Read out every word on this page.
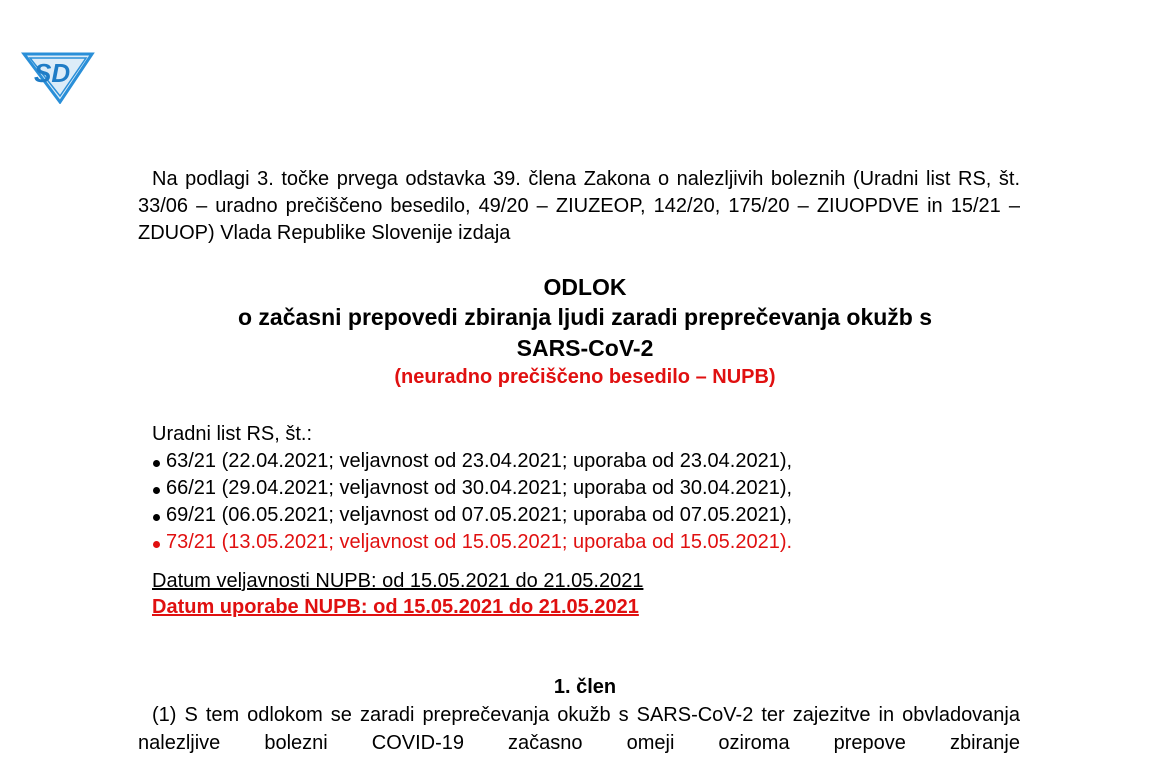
SD
Na podlagi 3. točke prvega odstavka 39. člena Zakona o nalezljivih boleznih (Uradni list RS, št. 33/06 – uradno prečiščeno besedilo, 49/20 – ZIUZEOP, 142/20, 175/20 – ZIUOPDVE in 15/21 – ZDUOP) Vlada Republike Slovenije izdaja
ODLOK
o začasni prepovedi zbiranja ljudi zaradi preprečevanja okužb s
SARS-CoV-2
(neuradno prečiščeno besedilo – NUPB)
Uradni list RS, št.:
63/21 (22.04.2021; veljavnost od 23.04.2021; uporaba od 23.04.2021),
66/21 (29.04.2021; veljavnost od 30.04.2021; uporaba od 30.04.2021),
69/21 (06.05.2021; veljavnost od 07.05.2021; uporaba od 07.05.2021),
73/21 (13.05.2021; veljavnost od 15.05.2021; uporaba od 15.05.2021).
Datum veljavnosti NUPB: od 15.05.2021 do 21.05.2021
Datum uporabe NUPB: od 15.05.2021 do 21.05.2021
1. člen
(1) S tem odlokom se zaradi preprečevanja okužb s SARS-CoV-2 ter zajezitve in obvladovanja nalezljive bolezni COVID-19 začasno omeji oziroma prepove zbiranje
